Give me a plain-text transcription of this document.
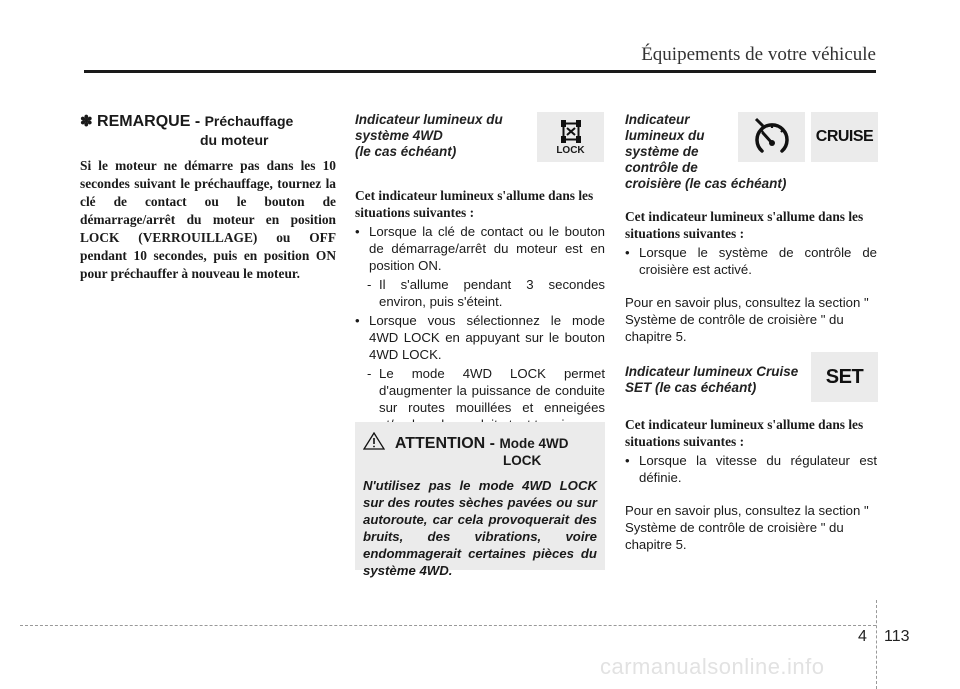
Équipements de votre véhicule
✽ REMARQUE - Préchauffage
du moteur
Si le moteur ne démarre pas dans les 10 secondes suivant le préchauffage, tournez la clé de contact ou le bouton de démarrage/arrêt du moteur en position LOCK (VERROUILLAGE) ou OFF pendant 10 secondes, puis en position ON pour préchauffer à nouveau le moteur.
Indicateur lumineux du
système 4WD
(le cas échéant)
Cet indicateur lumineux s'allume dans les
situations suivantes :
• Lorsque la clé de contact ou le bouton de démarrage/arrêt du moteur est en position ON.
- Il s'allume pendant 3 secondes environ, puis s'éteint.
• Lorsque vous sélectionnez le mode 4WD LOCK en appuyant sur le bouton 4WD LOCK.
- Le mode 4WD LOCK permet d'augmenter la puissance de conduite sur routes mouillées et enneigées
LOCK
ATTENTION - Mode 4WD
LOCK
N'utilisez pas le mode 4WD LOCK sur des routes sèches pavées ou sur autoroute, car cela provoquerait des bruits, des vibrations, voire endommagerait certaines pièces du système 4WD.
Indicateur
lumineux du
système de
contrôle de
croisière (le cas échéant)
Cet indicateur lumineux s'allume dans les
situations suivantes :
• Lorsque le système de contrôle de croisière est activé.
Pour en savoir plus, consultez la section " Système de contrôle de croisière " du chapitre 5.
Indicateur lumineux Cruise
SET (le cas échéant)
Cet indicateur lumineux s'allume dans les
situations suivantes :
• Lorsque la vitesse du régulateur est définie.
Pour en savoir plus, consultez la section " Système de contrôle de croisière " du chapitre 5.
CRUISE
SET
4 113
carmanualsonline.info
